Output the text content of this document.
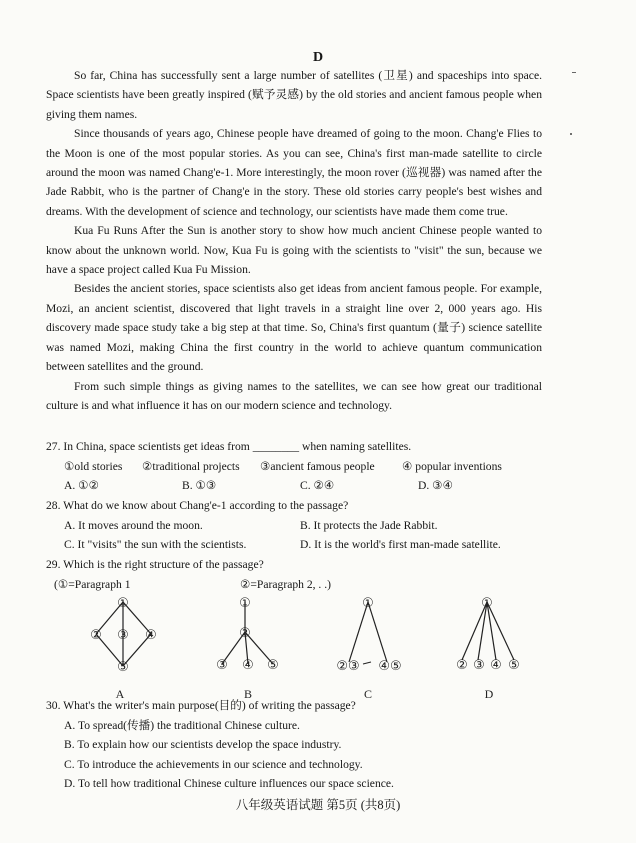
D

So far, China has successfully sent a large number of satellites (卫星) and spaceships into space. Space scientists have been greatly inspired (赋予灵感) by the old stories and ancient famous people when giving them names.

Since thousands of years ago, Chinese people have dreamed of going to the moon. Chang'e Flies to the Moon is one of the most popular stories. As you can see, China's first man-made satellite to circle around the moon was named Chang'e-1. More interestingly, the moon rover (巡视器) was named after the Jade Rabbit, who is the partner of Chang'e in the story. These old stories carry people's best wishes and dreams. With the development of science and technology, our scientists have made them come true.

Kua Fu Runs After the Sun is another story to show how much ancient Chinese people wanted to know about the unknown world. Now, Kua Fu is going with the scientists to "visit" the sun, because we have a space project called Kua Fu Mission.

Besides the ancient stories, space scientists also get ideas from ancient famous people. For example, Mozi, an ancient scientist, discovered that light travels in a straight line over 2, 000 years ago. His discovery made space study take a big step at that time. So, China's first quantum (量子) science satellite was named Mozi, making China the first country in the world to achieve quantum communication between satellites and the ground.

From such simple things as giving names to the satellites, we can see how great our traditional culture is and what influence it has on our modern science and technology.

27. In China, space scientists get ideas from ________ when naming satellites.

①old stories	②traditional projects	③ancient famous people	④ popular inventions
A. ①②	B. ①③	C. ②④	D. ③④

28. What do we know about Chang'e-1 according to the passage?

A. It moves around the moon.	B. It protects the Jade Rabbit.
C. It "visits" the sun with the scientists.	D. It is the world's first man-made satellite.

29. Which is the right structure of the passage?

(①=Paragraph 1	②=Paragraph 2, . .)
①
② ③ ④
⑤
A
①
②
③ ④ ⑤
B
①
②③ ④⑤
C
①
② ③ ④ ⑤
D

30. What's the writer's main purpose(目的) of writing the passage?

A. To spread(传播) the traditional Chinese culture.
B. To explain how our scientists develop the space industry.
C. To introduce the achievements in our science and technology.
D. To tell how traditional Chinese culture influences our space science.
八年级英语试题 第5页 (共8页)
